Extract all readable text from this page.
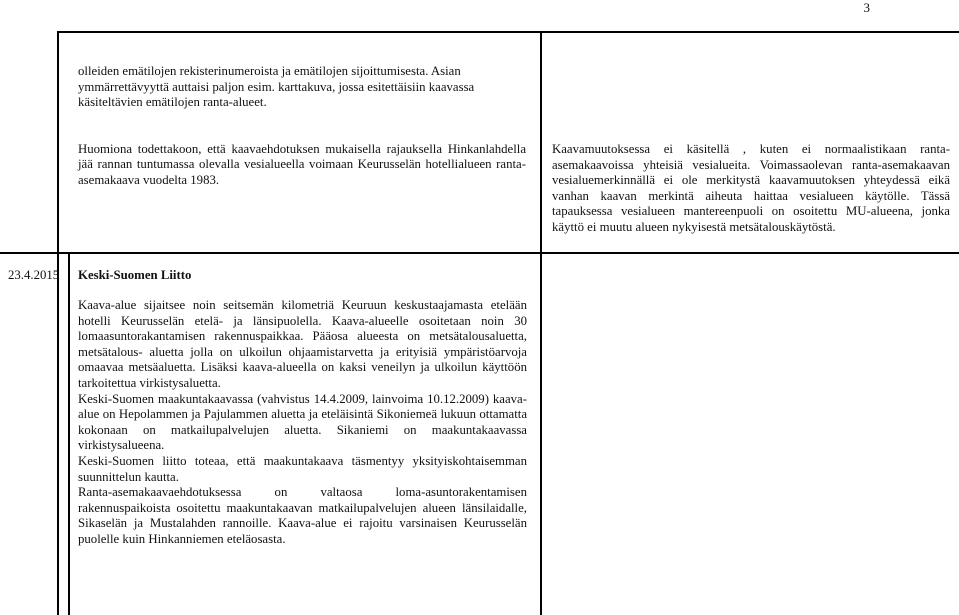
3

olleiden emätilojen rekisterinumeroista ja emätilojen sijoittumisesta. Asian ymmärrettävyyttä auttaisi paljon esim. karttakuva, jossa esitettäisiin kaavassa käsiteltävien emätilojen ranta-alueet.

Huomiona todettakoon, että kaavaehdotuksen mukaisella rajauksella Hinkanlahdella jää rannan tuntumassa olevalla vesialueella voimaan Keurusselän hotellialueen ranta-asemakaava vuodelta 1983.

Kaavamuutoksessa ei käsitellä , kuten ei normaalistikaan ranta-asemakaavoissa yhteisiä vesialueita. Voimassaolevan ranta-asemakaavan vesialuemerkinnällä ei ole merkitystä kaavamuutoksen yhteydessä eikä vanhan kaavan merkintä aiheuta haittaa vesialueen käytölle. Tässä tapauksessa vesialueen mantereenpuoli on osoitettu MU-alueena, jonka käyttö ei muutu alueen nykyisestä metsätalouskäytöstä.

23.4.2015 Keski-Suomen Liitto

Kaava-alue sijaitsee noin seitsemän kilometriä Keuruun keskustaajamasta etelään hotelli Keurusselän etelä- ja länsipuolella. Kaava-alueelle osoitetaan noin 30 lomaasuntorakantamisen rakennuspaikkaa. Pääosa alueesta on metsätalousaluetta, metsätalous- aluetta jolla on ulkoilun ohjaamistarvetta ja erityisiä ympäristöarvoja omaavaa metsäaluetta. Lisäksi kaava-alueella on kaksi veneilyn ja ulkoilun käyttöön tarkoitettua virkistysaluetta.

Keski-Suomen maakuntakaavassa (vahvistus 14.4.2009, lainvoima 10.12.2009) kaava-alue on Hepolammen ja Pajulammen aluetta ja eteläisintä Sikoniemeä lukuun ottamatta kokonaan on matkailupalvelujen aluetta. Sikaniemi on maakuntakaavassa virkistysalueena.

Keski-Suomen liitto toteaa, että maakuntakaava täsmentyy yksityiskohtaisemman suunnittelun kautta.

Ranta-asemakaavaehdotuksessa on valtaosa loma-asuntorakentamisen rakennuspaikoista osoitettu maakuntakaavan matkailupalvelujen alueen länsilaidalle, Sikaselän ja Mustalahden rannoille. Kaava-alue ei rajoitu varsinaisen Keurusselän puolelle kuin Hinkanniemen eteläosasta.
